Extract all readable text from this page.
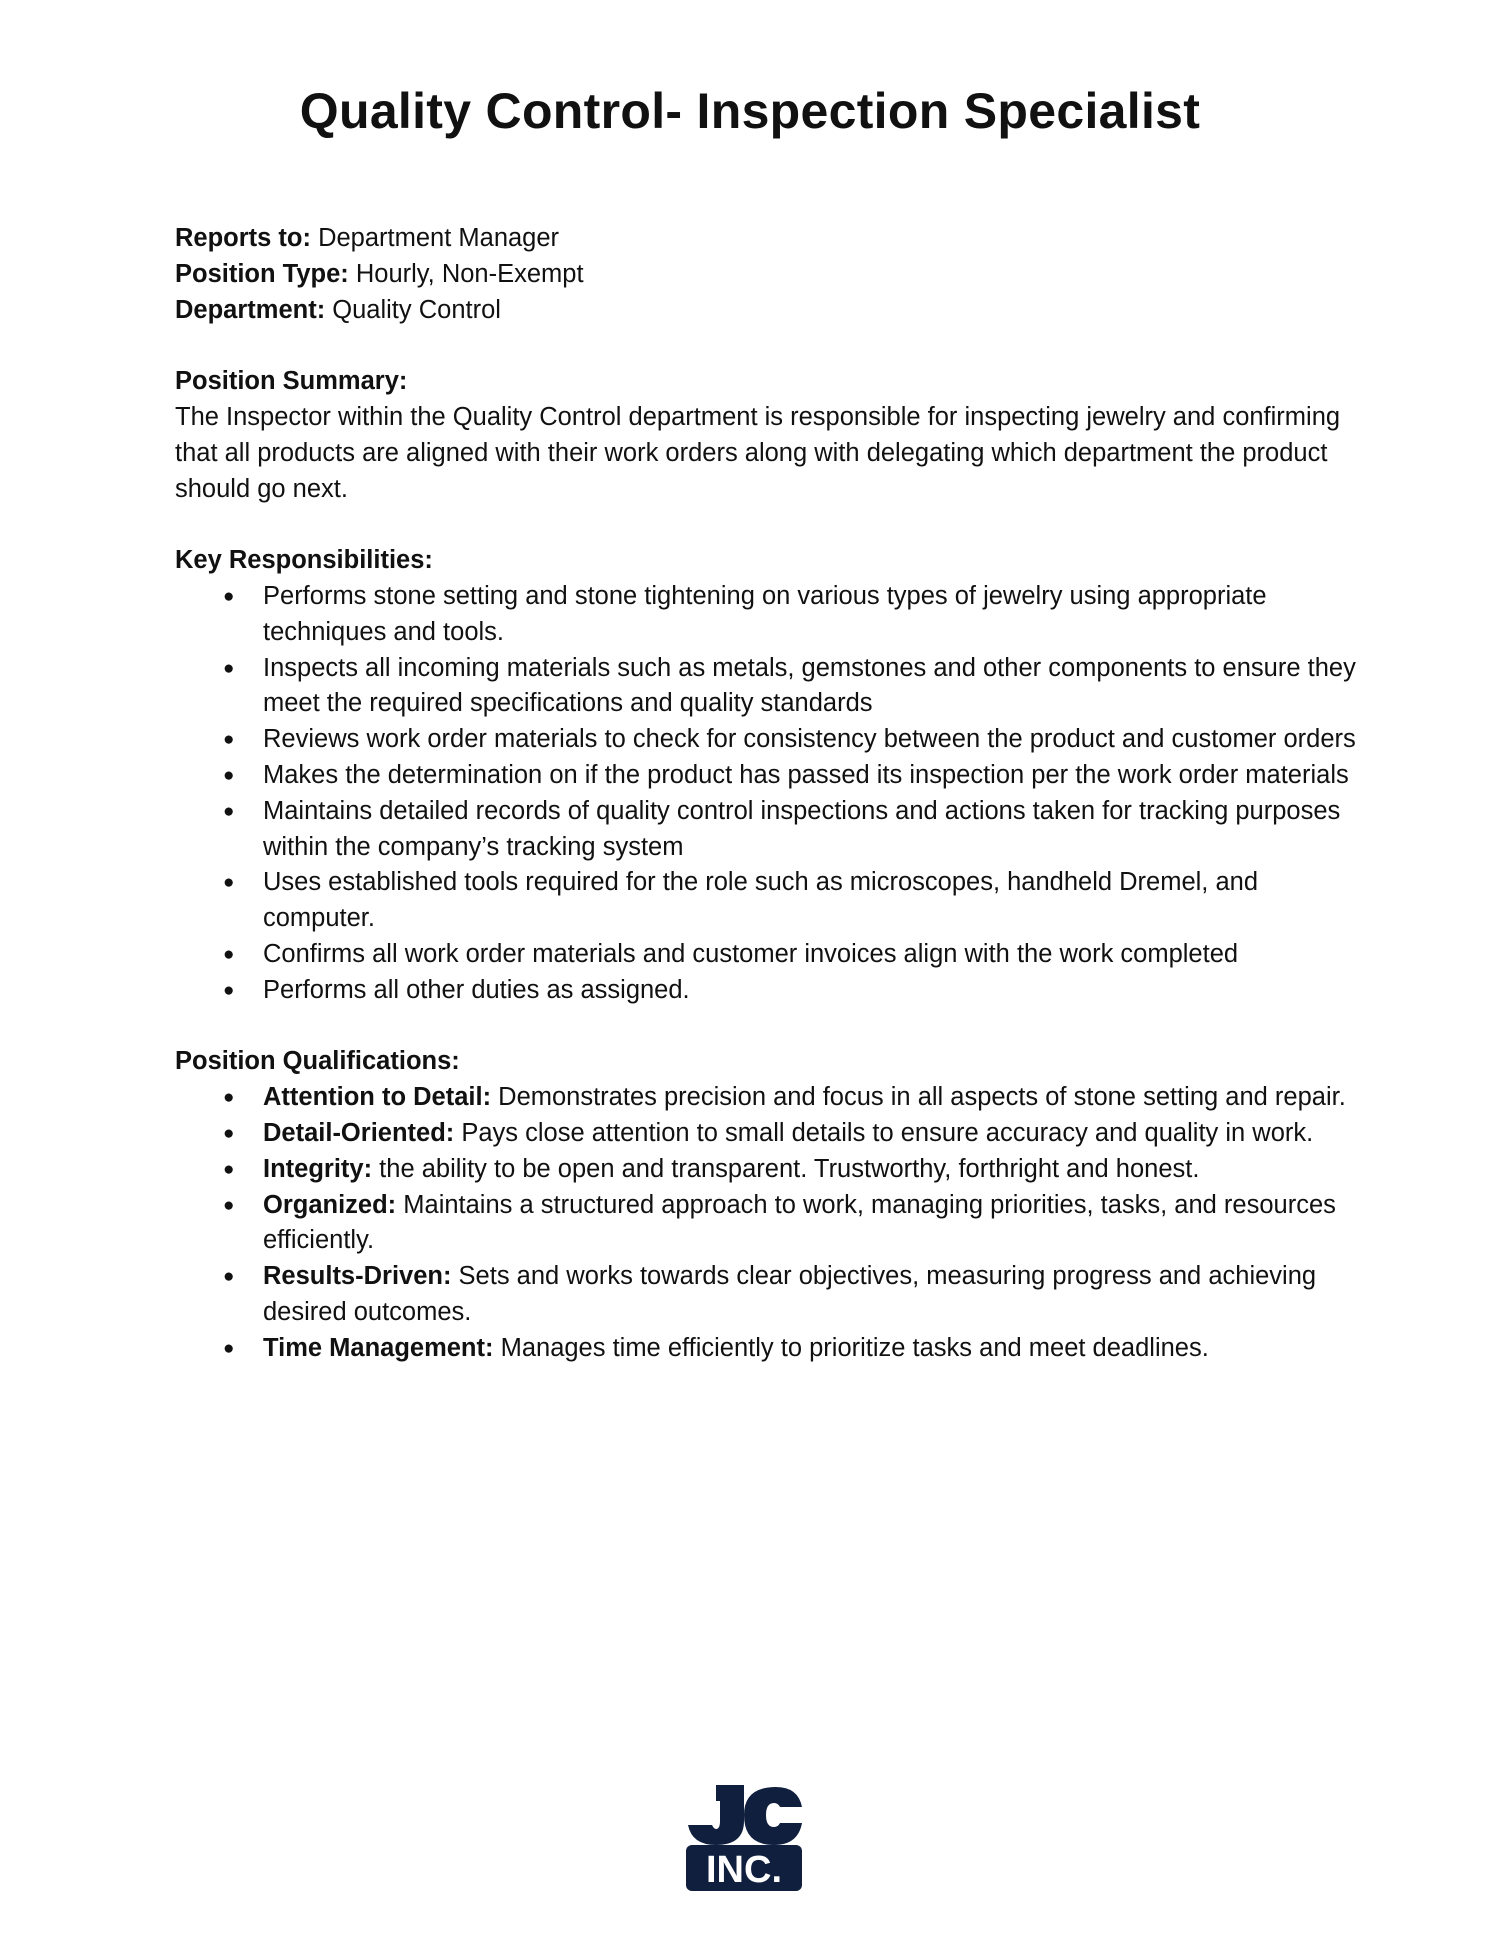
Quality Control- Inspection Specialist

Reports to: Department Manager

Position Type: Hourly, Non-Exempt

Department: Quality Control

Position Summary:

The Inspector within the Quality Control department is responsible for inspecting jewelry and confirming that all products are aligned with their work orders along with delegating which department the product should go next.

Key Responsibilities:

● Performs stone setting and stone tightening on various types of jewelry using appropriate techniques and tools.
● Inspects all incoming materials such as metals, gemstones and other components to ensure they meet the required specifications and quality standards
● Reviews work order materials to check for consistency between the product and customer orders
● Makes the determination on if the product has passed its inspection per the work order materials
● Maintains detailed records of quality control inspections and actions taken for tracking purposes within the company’s tracking system
● Uses established tools required for the role such as microscopes, handheld Dremel, and computer.
● Confirms all work order materials and customer invoices align with the work completed
● Performs all other duties as assigned.

Position Qualifications:

● Attention to Detail: Demonstrates precision and focus in all aspects of stone setting and repair.
● Detail-Oriented: Pays close attention to small details to ensure accuracy and quality in work.
● Integrity: the ability to be open and transparent. Trustworthy, forthright and honest.
● Organized: Maintains a structured approach to work, managing priorities, tasks, and resources efficiently.
● Results-Driven: Sets and works towards clear objectives, measuring progress and achieving desired outcomes.
● Time Management: Manages time efficiently to prioritize tasks and meet deadlines.
INC.
